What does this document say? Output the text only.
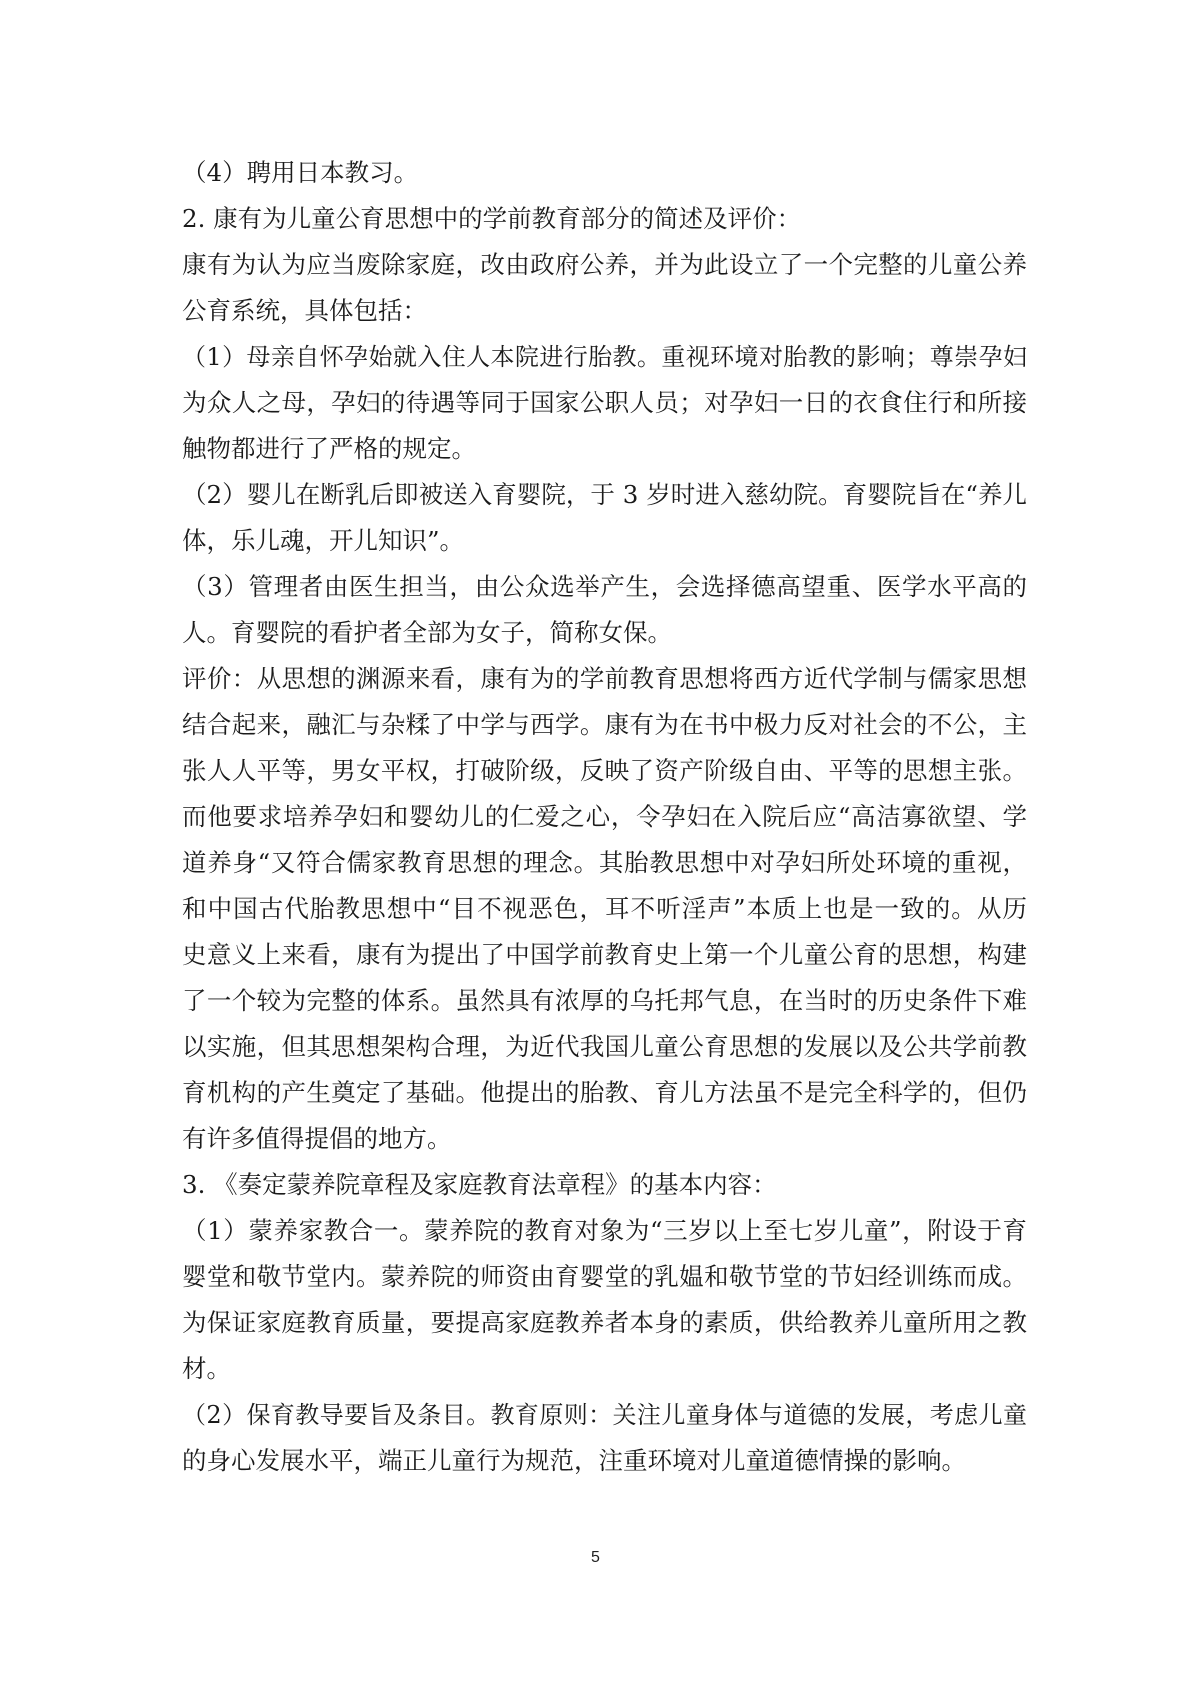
（4）聘用日本教习。
2. 康有为儿童公育思想中的学前教育部分的简述及评价：
康有为认为应当废除家庭，改由政府公养，并为此设立了一个完整的儿童公养
公育系统，具体包括：
（1）母亲自怀孕始就入住人本院进行胎教。重视环境对胎教的影响；尊崇孕妇
为众人之母，孕妇的待遇等同于国家公职人员；对孕妇一日的衣食住行和所接
触物都进行了严格的规定。
（2）婴儿在断乳后即被送入育婴院，于 3 岁时进入慈幼院。育婴院旨在“养儿
体，乐儿魂，开儿知识”。
（3）管理者由医生担当，由公众选举产生，会选择德高望重、医学水平高的
人。育婴院的看护者全部为女子，简称女保。
评价：从思想的渊源来看，康有为的学前教育思想将西方近代学制与儒家思想
结合起来，融汇与杂糅了中学与西学。康有为在书中极力反对社会的不公，主
张人人平等，男女平权，打破阶级，反映了资产阶级自由、平等的思想主张。
而他要求培养孕妇和婴幼儿的仁爱之心，令孕妇在入院后应“高洁寡欲望、学
道养身“又符合儒家教育思想的理念。其胎教思想中对孕妇所处环境的重视，
和中国古代胎教思想中“目不视恶色，耳不听淫声”本质上也是一致的。从历
史意义上来看，康有为提出了中国学前教育史上第一个儿童公育的思想，构建
了一个较为完整的体系。虽然具有浓厚的乌托邦气息，在当时的历史条件下难
以实施，但其思想架构合理，为近代我国儿童公育思想的发展以及公共学前教
育机构的产生奠定了基础。他提出的胎教、育儿方法虽不是完全科学的，但仍
有许多值得提倡的地方。
3. 《奏定蒙养院章程及家庭教育法章程》的基本内容：
（1）蒙养家教合一。蒙养院的教育对象为“三岁以上至七岁儿童”，附设于育
婴堂和敬节堂内。蒙养院的师资由育婴堂的乳媪和敬节堂的节妇经训练而成。
为保证家庭教育质量，要提高家庭教养者本身的素质，供给教养儿童所用之教
材。
（2）保育教导要旨及条目。教育原则：关注儿童身体与道德的发展，考虑儿童
的身心发展水平，端正儿童行为规范，注重环境对儿童道德情操的影响。
5
